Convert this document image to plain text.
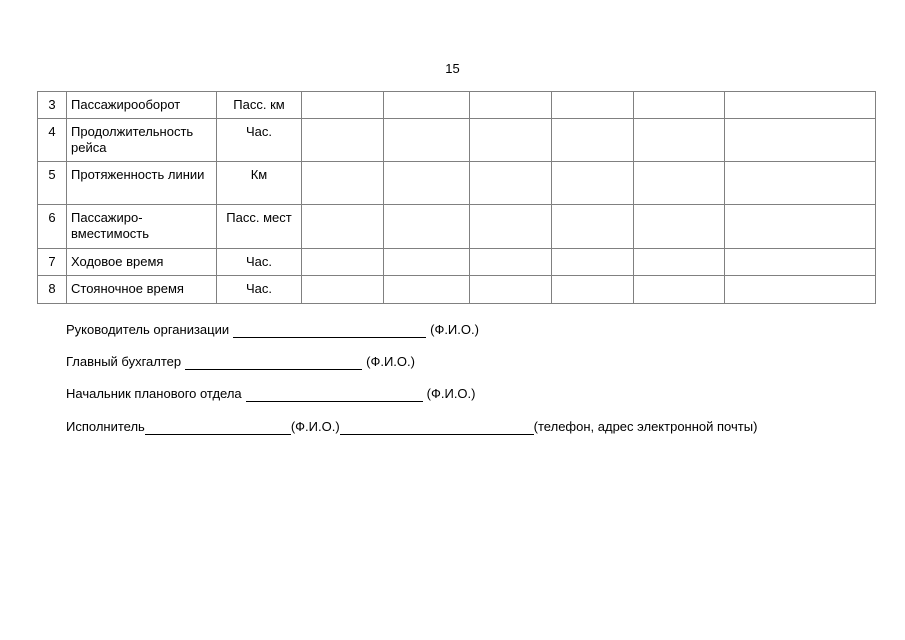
15
3	Пассажирооборот	Пасс. км						
4	Продолжительность рейса	Час.						
5	Протяженность линии	Км						
6	Пассажиро-вместимость	Пасс. мест						
7	Ходовое время	Час.						
8	Стояночное время	Час.						
Руководитель организации	(Ф.И.О.)
Главный бухгалтер	(Ф.И.О.)
Начальник планового отдела	(Ф.И.О.)
Исполнитель	(Ф.И.О.)	(телефон, адрес электронной почты)
